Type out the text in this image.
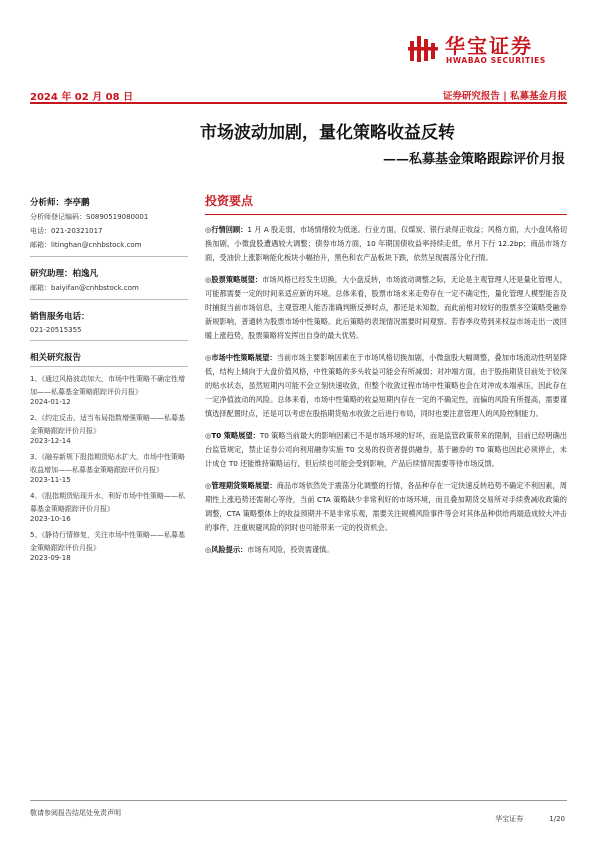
华宝证券
HWABAO SECURITIES
2024 年 02 月 08 日	证券研究报告 | 私募基金月报
市场波动加剧，量化策略收益反转
——私募基金策略跟踪评价月报
分析师：李亭鹏
分析师登记编码：S0890519080001
电话：021-20321017
邮箱：litinghan@cnhbstock.com
研究助理：柏逸凡
邮箱：baiyifan@cnhbstock.com
销售服务电话：
021-20515355
相关研究报告
1、《通过风格波动加大，市场中性策略不确定性增加——私募基金策略跟踪评价月报》
2024-01-12
2、《约定反击，适当布局指数增强策略——私募基金策略跟踪评价月报》
2023-12-14
3、《融券新规下股指期货贴水扩大，市场中性策略收益增加——私募基金策略跟踪评价月报》
2023-11-15
4、《股指期货贴现升水，利好市场中性策略——私募基金策略跟踪评价月报》
2023-10-16
5、《静待行情修复，关注市场中性策略——私募基金策略跟踪评价月报》
2023-09-18
投资要点
◎行情回顾：1 月 A 股走弱，市场情绪较为低迷。行业方面，仅煤炭、银行录得正收益；风格方面，大小盘风格切换加剧，小微盘股遭遇较大调整；债券市场方面，10 年期国债收益率持续走低，单月下行 12.2bp；商品市场方面，受油价上涨影响能化板块小幅抬升，黑色和农产品板块下跌，依然呈现震荡分化行情。
◎股票策略展望：市场风格已经发生切换，大小盘反转，市场波动调整之际，无论是主观管理人还是量化管理人，可能都需要一定的时间来适应新的环境。总体来看，股票市场未来走势存在一定不确定性，量化管理人模型能否及时捕捉当前市场信息，主观管理人能否准确判断反弹时点，都还是未知数，而此前相对较好的股票多空策略受融券新规影响，普通转为股票市场中性策略。此后策略的表现情况需要时间观察。若春季攻势到来权益市场走出一波回暖上涨趋势，股票策略将发挥出自身的最大优势。
◎市场中性策略展望：当前市场主要影响因素在于市场风格切换加剧，小微盘股大幅调整，叠加市场流动性明显降低，结构上倾向于大盘价值风格，中性策略的多头收益可能会有所减弱；对冲端方面，由于股指期货目前处于较深的贴水状态，虽然短期内可能不会立刻快速收敛，但整个收敛过程市场中性策略也会在对冲成本端承压，因此存在一定净值波动的风险。总体来看，市场中性策略的收益短期内存在一定的不确定性，而偏的风险有所提高，需要谨慎选择配置时点，还是可以考虑在股指期货贴水收敛之后进行布局，同时也要注意管理人的风险控制能力。
◎T0 策略展望：T0 策略当前最大的影响因素已不是市场环境的好坏，而是监管政策带来的限制，目前已经明确出台监管规定，禁止证券公司向利用融券实施 T0 交易的投资者提供融券，基于融券的 T0 策略也因此必须停止，未计成仓 T0 还能维持策略运行，但后续也可能会受到影响，产品后续情况需要等待市场反馈。
◎管理期货策略展望：商品市场依然处于震荡分化调整的行情，各品种存在一定快速反转趋势不确定不利因素，周期性上涨趋势还需耐心等待，当前 CTA 策略缺少非常利好的市场环境，而且叠加期货交易所对手续费减收政策的调整，CTA 策略整体上的收益预期并不是非常乐观，需要关注规模风险事件等会对其体品种供给两端造成较大冲击的事件，注重规避风险的同时也可能带来一定的投资机会。
◎风险提示：市场有风险，投资需谨慎。
敬请参阅报告结尾处免责声明
华宝证券	1/20
